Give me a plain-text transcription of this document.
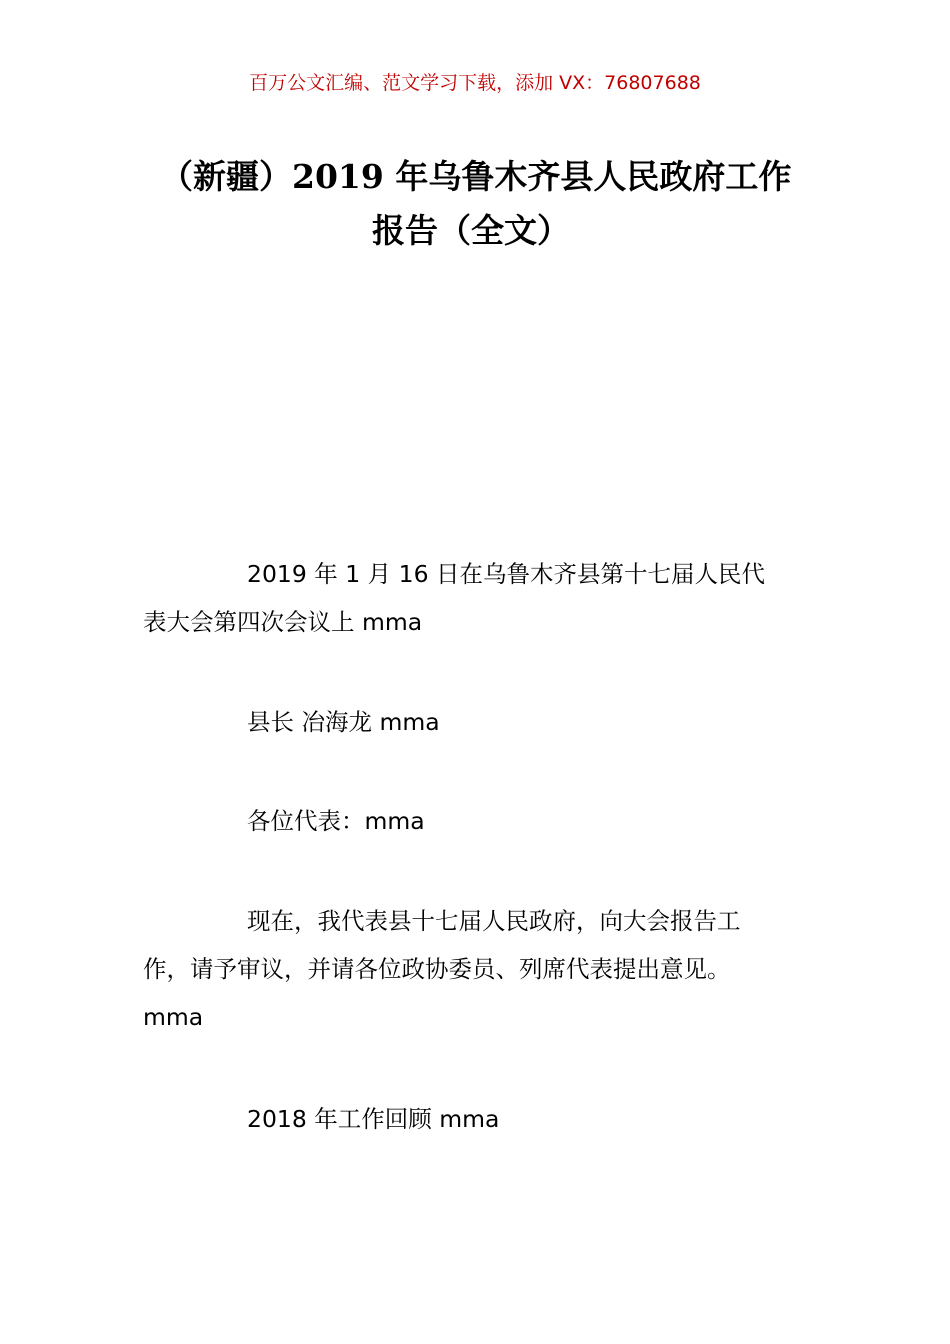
百万公文汇编、范文学习下载，添加 VX：76807688
（新疆）2019 年乌鲁木齐县人民政府工作
报告（全文）
2019 年 1 月 16 日在乌鲁木齐县第十七届人民代
表大会第四次会议上 mma
县长 冶海龙 mma
各位代表：mma
现在，我代表县十七届人民政府，向大会报告工
作，请予审议，并请各位政协委员、列席代表提出意见。
mma
2018 年工作回顾 mma
